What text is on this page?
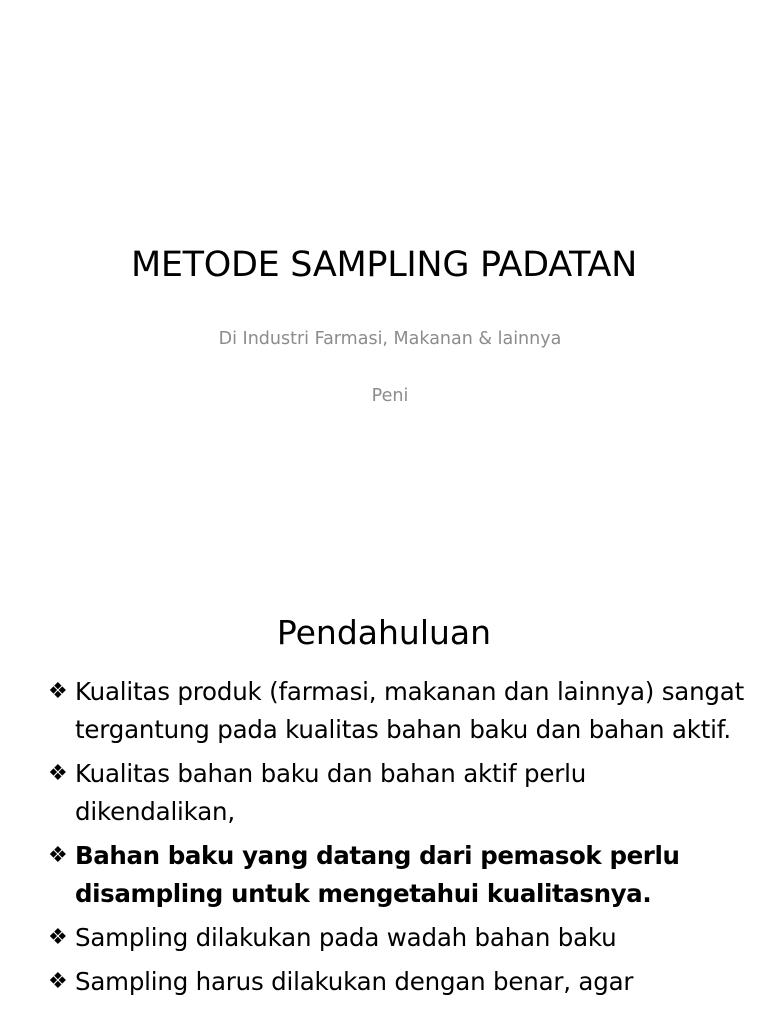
METODE SAMPLING PADATAN
Di Industri Farmasi, Makanan & lainnya
Peni
Pendahuluan
❖ Kualitas produk (farmasi, makanan dan lainnya) sangat tergantung pada kualitas bahan baku dan bahan aktif.
❖ Kualitas bahan baku dan bahan aktif perlu dikendalikan,
❖ Bahan baku yang datang dari pemasok perlu disampling untuk mengetahui kualitasnya.
❖ Sampling dilakukan pada wadah bahan baku
❖ Sampling harus dilakukan dengan benar, agar
